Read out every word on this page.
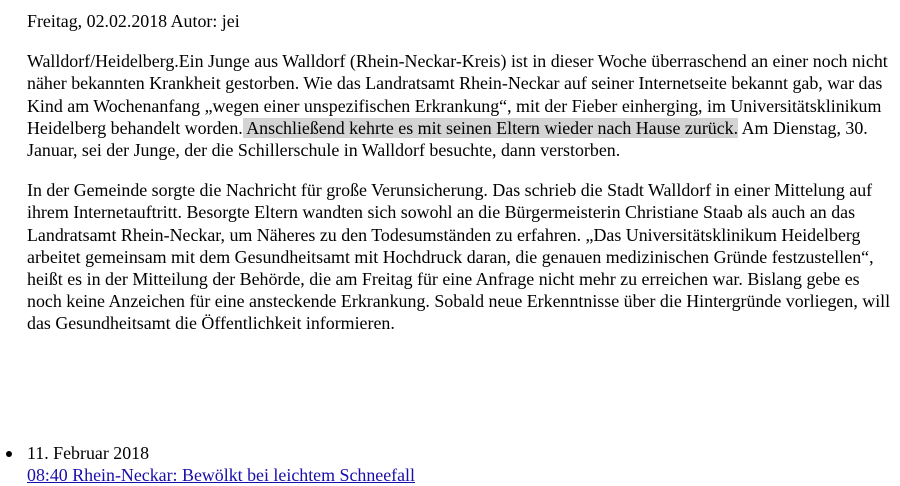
Freitag, 02.02.2018 Autor: jei

Walldorf/Heidelberg.Ein Junge aus Walldorf (Rhein-Neckar-Kreis) ist in dieser Woche überraschend an einer noch nicht näher bekannten Krankheit gestorben. Wie das Landratsamt Rhein-Neckar auf seiner Internetseite bekannt gab, war das Kind am Wochenanfang „wegen einer unspezifischen Erkrankung“, mit der Fieber einherging, im Universitätsklinikum Heidelberg behandelt worden. Anschließend kehrte es mit seinen Eltern wieder nach Hause zurück. Am Dienstag, 30. Januar, sei der Junge, der die Schillerschule in Walldorf besuchte, dann verstorben.

In der Gemeinde sorgte die Nachricht für große Verunsicherung. Das schrieb die Stadt Walldorf in einer Mittelung auf ihrem Internetauftritt. Besorgte Eltern wandten sich sowohl an die Bürgermeisterin Christiane Staab als auch an das Landratsamt Rhein-Neckar, um Näheres zu den Todesumständen zu erfahren. „Das Universitätsklinikum Heidelberg arbeitet gemeinsam mit dem Gesundheitsamt mit Hochdruck daran, die genauen medizinischen Gründe festzustellen“, heißt es in der Mitteilung der Behörde, die am Freitag für eine Anfrage nicht mehr zu erreichen war. Bislang gebe es noch keine Anzeichen für eine ansteckende Erkrankung. Sobald neue Erkenntnisse über die Hintergründe vorliegen, will das Gesundheitsamt die Öffentlichkeit informieren.

11. Februar 2018
08:40 Rhein-Neckar: Bewölkt bei leichtem Schneefall
